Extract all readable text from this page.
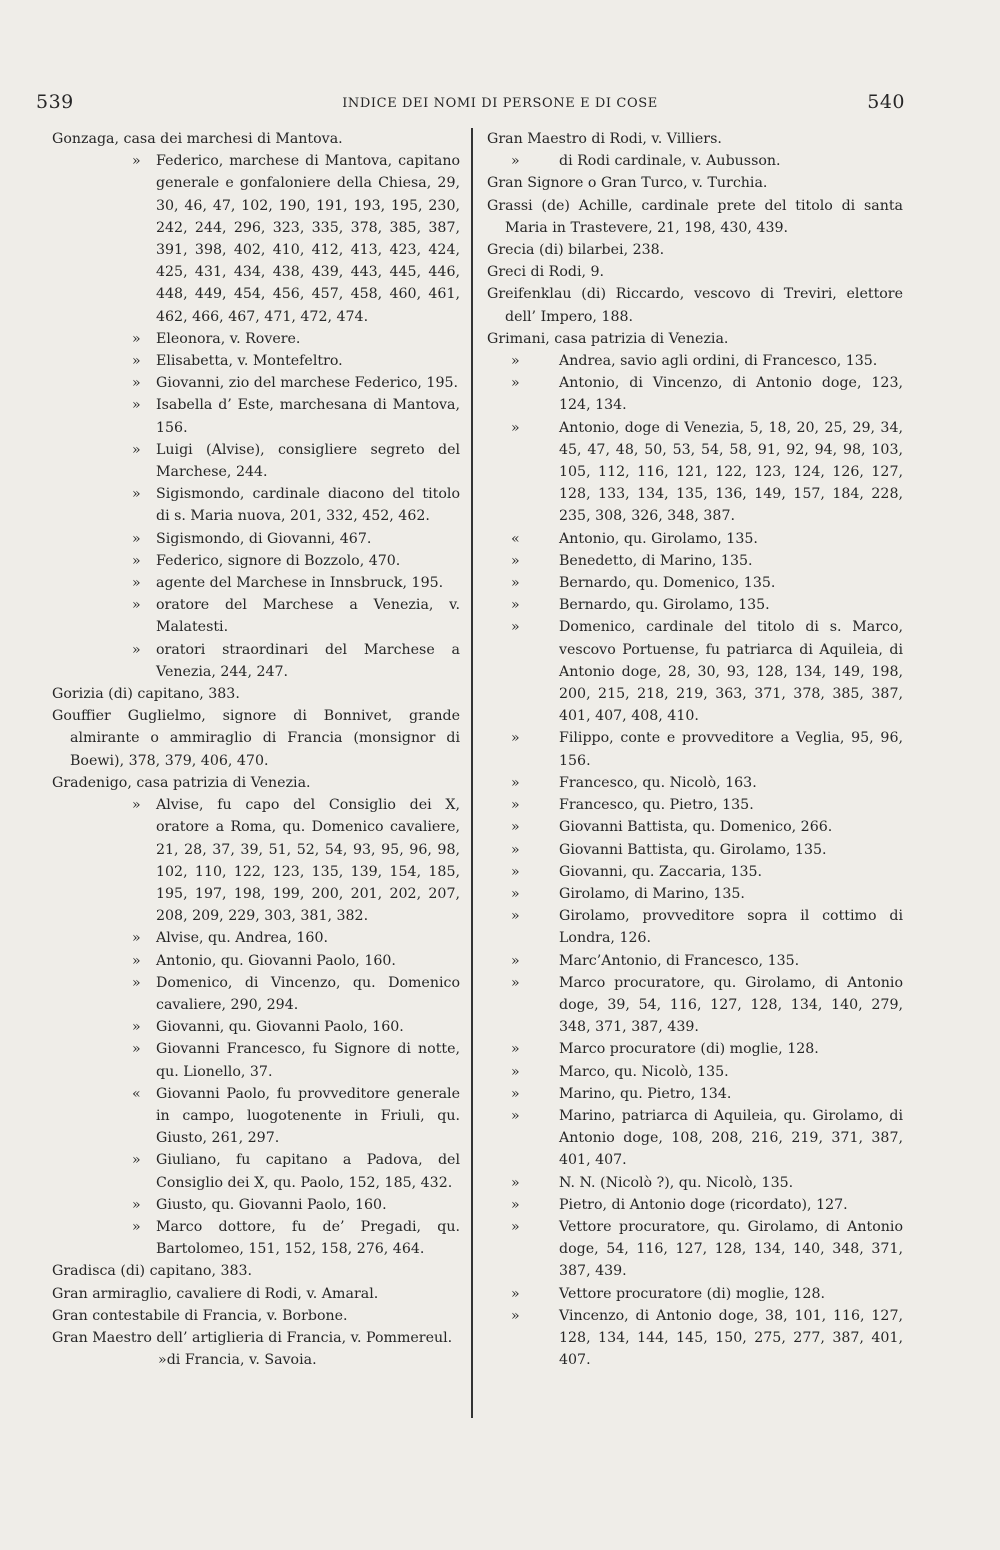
539	INDICE DEI NOMI DI PERSONE E DI COSE	540
Gonzaga, casa dei marchesi di Mantova.
» Federico, marchese di Mantova, capitano generale e gonfaloniere della Chiesa, 29, 30, 46, 47, 102, 190, 191, 193, 195, 230, 242, 244, 296, 323, 335, 378, 385, 387, 391, 398, 402, 410, 412, 413, 423, 424, 425, 431, 434, 438, 439, 443, 445, 446, 448, 449, 454, 456, 457, 458, 460, 461, 462, 466, 467, 471, 472, 474.
» Eleonora, v. Rovere.
» Elisabetta, v. Montefeltro.
» Giovanni, zio del marchese Federico, 195.
» Isabella d’ Este, marchesana di Mantova, 156.
» Luigi (Alvise), consigliere segreto del Marchese, 244.
» Sigismondo, cardinale diacono del titolo di s. Maria nuova, 201, 332, 452, 462.
» Sigismondo, di Giovanni, 467.
» Federico, signore di Bozzolo, 470.
» agente del Marchese in Innsbruck, 195.
» oratore del Marchese a Venezia, v. Malatesti.
» oratori straordinari del Marchese a Venezia, 244, 247.
Gorizia (di) capitano, 383.
Gouffier Guglielmo, signore di Bonnivet, grande almirante o ammiraglio di Francia (monsignor di Boewi), 378, 379, 406, 470.
Gradenigo, casa patrizia di Venezia.
» Alvise, fu capo del Consiglio dei X, oratore a Roma, qu. Domenico cavaliere, 21, 28, 37, 39, 51, 52, 54, 93, 95, 96, 98, 102, 110, 122, 123, 135, 139, 154, 185, 195, 197, 198, 199, 200, 201, 202, 207, 208, 209, 229, 303, 381, 382.
» Alvise, qu. Andrea, 160.
» Antonio, qu. Giovanni Paolo, 160.
» Domenico, di Vincenzo, qu. Domenico cavaliere, 290, 294.
» Giovanni, qu. Giovanni Paolo, 160.
» Giovanni Francesco, fu Signore di notte, qu. Lionello, 37.
« Giovanni Paolo, fu provveditore generale in campo, luogotenente in Friuli, qu. Giusto, 261, 297.
» Giuliano, fu capitano a Padova, del Consiglio dei X, qu. Paolo, 152, 185, 432.
» Giusto, qu. Giovanni Paolo, 160.
» Marco dottore, fu de’ Pregadi, qu. Bartolomeo, 151, 152, 158, 276, 464.
Gradisca (di) capitano, 383.
Gran armiraglio, cavaliere di Rodi, v. Amaral.
Gran contestabile di Francia, v. Borbone.
Gran Maestro dell’ artiglieria di Francia, v. Pommereul.
»di Francia, v. Savoia.
Gran Maestro di Rodi, v. Villiers.
»	di Rodi cardinale, v. Aubusson.
Gran Signore o Gran Turco, v. Turchia.
Grassi (de) Achille, cardinale prete del titolo di santa Maria in Trastevere, 21, 198, 430, 439.
Grecia (di) bilarbei, 238.
Greci di Rodi, 9.
Greifenklau (di) Riccardo, vescovo di Treviri, elettore dell’ Impero, 188.
Grimani, casa patrizia di Venezia.
»	Andrea, savio agli ordini, di Francesco, 135.
»	Antonio, di Vincenzo, di Antonio doge, 123, 124, 134.
»	Antonio, doge di Venezia, 5, 18, 20, 25, 29, 34, 45, 47, 48, 50, 53, 54, 58, 91, 92, 94, 98, 103, 105, 112, 116, 121, 122, 123, 124, 126, 127, 128, 133, 134, 135, 136, 149, 157, 184, 228, 235, 308, 326, 348, 387.
«	Antonio, qu. Girolamo, 135.
»	Benedetto, di Marino, 135.
»	Bernardo, qu. Domenico, 135.
»	Bernardo, qu. Girolamo, 135.
»	Domenico, cardinale del titolo di s. Marco, vescovo Portuense, fu patriarca di Aquileia, di Antonio doge, 28, 30, 93, 128, 134, 149, 198, 200, 215, 218, 219, 363, 371, 378, 385, 387, 401, 407, 408, 410.
»	Filippo, conte e provveditore a Veglia, 95, 96, 156.
»	Francesco, qu. Nicolò, 163.
»	Francesco, qu. Pietro, 135.
»	Giovanni Battista, qu. Domenico, 266.
»	Giovanni Battista, qu. Girolamo, 135.
»	Giovanni, qu. Zaccaria, 135.
»	Girolamo, di Marino, 135.
»	Girolamo, provveditore sopra il cottimo di Londra, 126.
»	Marc’Antonio, di Francesco, 135.
»	Marco procuratore, qu. Girolamo, di Antonio doge, 39, 54, 116, 127, 128, 134, 140, 279, 348, 371, 387, 439.
»	Marco procuratore (di) moglie, 128.
»	Marco, qu. Nicolò, 135.
»	Marino, qu. Pietro, 134.
»	Marino, patriarca di Aquileia, qu. Girolamo, di Antonio doge, 108, 208, 216, 219, 371, 387, 401, 407.
»	N. N. (Nicolò ?), qu. Nicolò, 135.
»	Pietro, di Antonio doge (ricordato), 127.
»	Vettore procuratore, qu. Girolamo, di Antonio doge, 54, 116, 127, 128, 134, 140, 348, 371, 387, 439.
»	Vettore procuratore (di) moglie, 128.
»	Vincenzo, di Antonio doge, 38, 101, 116, 127, 128, 134, 144, 145, 150, 275, 277, 387, 401, 407.
